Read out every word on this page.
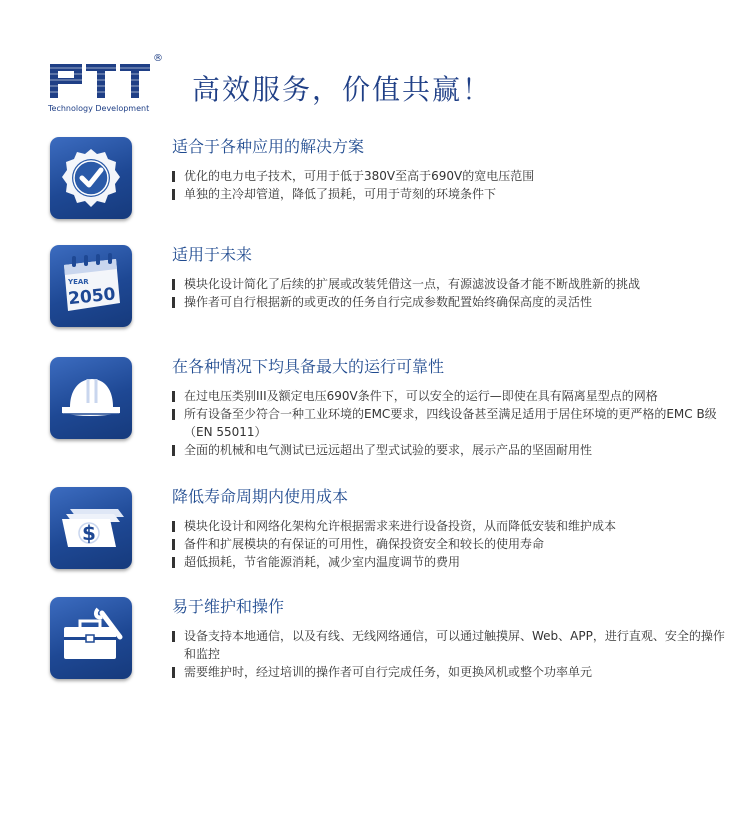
®
Technology Development
高效服务，价值共赢！
适合于各种应用的解决方案
优化的电力电子技术，可用于低于380V至高于690V的宽电压范围
单独的主冷却管道，降低了损耗，可用于苛刻的环境条件下
YEAR
2050
适用于未来
模块化设计简化了后续的扩展或改装凭借这一点，有源滤波设备才能不断战胜新的挑战
操作者可自行根据新的或更改的任务自行完成参数配置始终确保高度的灵活性
在各种情况下均具备最大的运行可靠性
在过电压类别III及额定电压690V条件下，可以安全的运行—即使在具有隔离星型点的网格
所有设备至少符合一种工业环境的EMC要求，四线设备甚至满足适用于居住环境的更严格的EMC B级（EN 55011）
全面的机械和电气测试已远远超出了型式试验的要求，展示产品的坚固耐用性
$
降低寿命周期内使用成本
模块化设计和网络化架构允许根据需求来进行设备投资，从而降低安装和维护成本
备件和扩展模块的有保证的可用性，确保投资安全和较长的使用寿命
超低损耗，节省能源消耗，减少室内温度调节的费用
易于维护和操作
设备支持本地通信，以及有线、无线网络通信，可以通过触摸屏、Web、APP，进行直观、安全的操作和监控
需要维护时，经过培训的操作者可自行完成任务，如更换风机或整个功率单元
